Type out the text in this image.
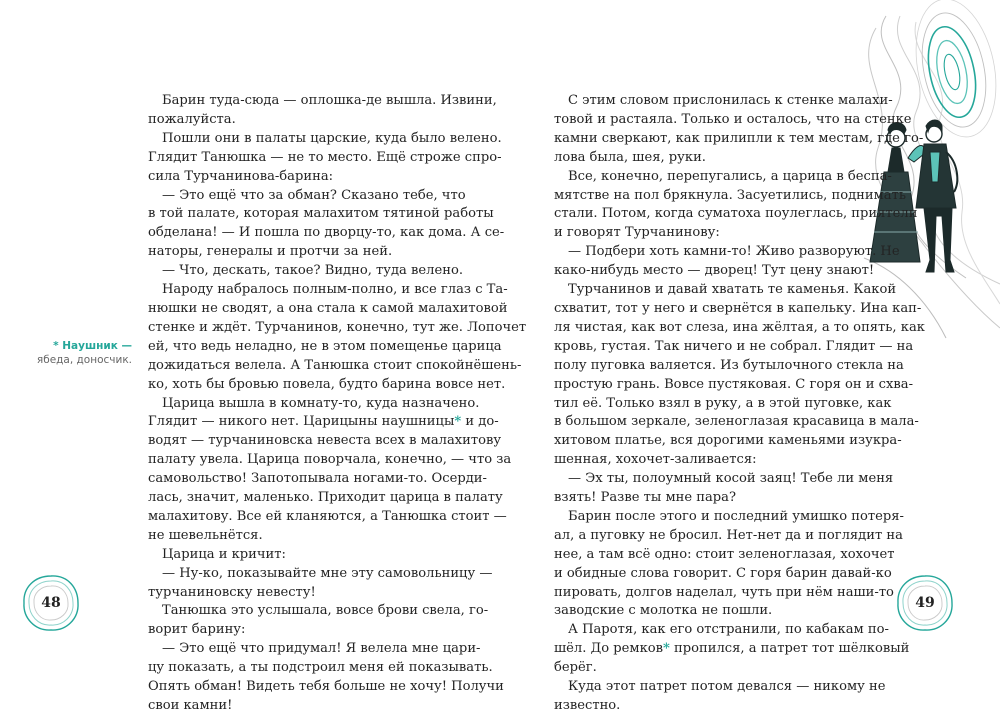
Барин туда-сюда — оплошка-де вышла. Извини,
пожалуйста.
Пошли они в палаты царские, куда было велено.
Глядит Танюшка — не то место. Ещё строже спро-
сила Турчанинова-барина:
— Это ещё что за обман? Сказано тебе, что
в той палате, которая малахитом тятиной работы
обделана! — И пошла по дворцу-то, как дома. А се-
наторы, генералы и протчи за ней.
— Что, дескать, такое? Видно, туда велено.
Народу набралось полным-полно, и все глаз с Та-
нюшки не сводят, а она стала к самой малахитовой
стенке и ждёт. Турчанинов, конечно, тут же. Лопочет
ей, что ведь неладно, не в этом помещенье царица
дожидаться велела. А Танюшка стоит спокойнёшень-
ко, хоть бы бровью повела, будто барина вовсе нет.
Царица вышла в комнату-то, куда назначено.
Глядит — никого нет. Царицыны наушницы* и до-
водят — турчаниновска невеста всех в малахитову
палату увела. Царица поворчала, конечно, — что за
самовольство! Запотопывала ногами-то. Осерди-
лась, значит, маленько. Приходит царица в палату
малахитову. Все ей кланяются, а Танюшка стоит —
не шевельнётся.
Царица и кричит:
— Ну-ко, показывайте мне эту самовольницу —
турчаниновску невесту!
Танюшка это услышала, вовсе брови свела, го-
ворит барину:
— Это ещё что придумал! Я велела мне цари-
цу показать, а ты подстроил меня ей показывать.
Опять обман! Видеть тебя больше не хочу! Получи
свои камни!
С этим словом прислонилась к стенке малахи-
товой и растаяла. Только и осталось, что на стенке
камни сверкают, как прилипли к тем местам, где го-
лова была, шея, руки.
Все, конечно, перепугались, а царица в беспа-
мятстве на пол брякнула. Засуетились, поднимать
стали. Потом, когда суматоха поулеглась, приятели
и говорят Турчанинову:
— Подбери хоть камни-то! Живо разворуют. Не
како-нибудь место — дворец! Тут цену знают!
Турчанинов и давай хватать те каменья. Какой
схватит, тот у него и свернётся в капельку. Ина кап-
ля чистая, как вот слеза, ина жёлтая, а то опять, как
кровь, густая. Так ничего и не собрал. Глядит — на
полу пуговка валяется. Из бутылочного стекла на
простую грань. Вовсе пустяковая. С горя он и схва-
тил её. Только взял в руку, а в этой пуговке, как
в большом зеркале, зеленоглазая красавица в мала-
хитовом платье, вся дорогими каменьями изукра-
шенная, хохочет-заливается:
— Эх ты, полоумный косой заяц! Тебе ли меня
взять! Разве ты мне пара?
Барин после этого и последний умишко потеря-
ал, а пуговку не бросил. Нет-нет да и поглядит на
нее, а там всё одно: стоит зеленоглазая, хохочет
и обидные слова говорит. С горя барин давай-ко
пировать, долгов наделал, чуть при нём наши-то
заводские с молотка не пошли.
А Паротя, как его отстранили, по кабакам по-
шёл. До ремков* пропился, а патрет тот шёлковый
берёг.
Куда этот патрет потом девался — никому не
известно.
* Наушник —
ябеда, доносчик.
48	49
